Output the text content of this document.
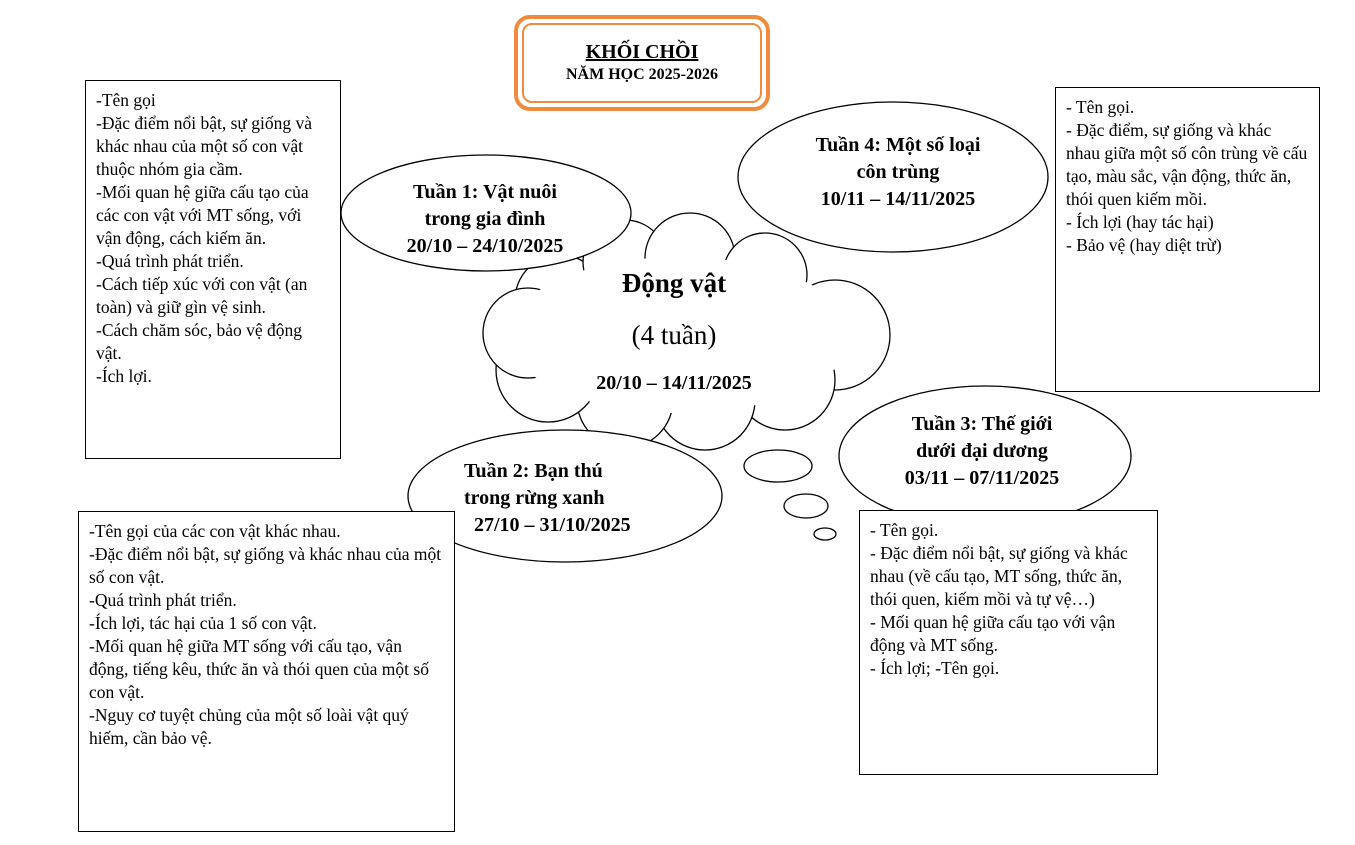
KHỐI CHỒI
NĂM HỌC 2025-2026
Động vật
(4 tuần)
20/10 – 14/11/2025
Tuần 1: Vật nuôi
trong gia đình
20/10 – 24/10/2025
Tuần 2: Bạn thú
trong rừng xanh
27/10 – 31/10/2025
Tuần 3: Thế giới
dưới đại dương
03/11 – 07/11/2025
Tuần 4: Một số loại
côn trùng
10/11 – 14/11/2025

-Tên gọi

-Đặc điểm nổi bật, sự giống và khác nhau của một số con vật thuộc nhóm gia cầm.

-Mối quan hệ giữa cấu tạo của các con vật với MT sống, với vận động, cách kiếm ăn.

-Quá trình phát triển.

-Cách tiếp xúc với con vật (an toàn) và giữ gìn vệ sinh.

-Cách chăm sóc, bảo vệ động vật.

-Ích lợi.

-Tên gọi của các con vật khác nhau.

-Đặc điểm nổi bật, sự giống và khác nhau của một số con vật.

-Quá trình phát triển.

-Ích lợi, tác hại của 1 số con vật.

-Mối quan hệ giữa MT sống với cấu tạo, vận động, tiếng kêu, thức ăn và thói quen của một số con vật.

-Nguy cơ tuyệt chủng của một số loài vật quý hiếm, cần bảo vệ.

- Tên gọi.

- Đặc điểm nổi bật, sự giống và khác nhau (về cấu tạo, MT sống, thức ăn, thói quen, kiếm mồi và tự vệ…)

- Mối quan hệ giữa cấu tạo với vận động và MT sống.

- Ích lợi; -Tên gọi.

- Tên gọi.

- Đặc điểm, sự giống và khác nhau giữa một số côn trùng về cấu tạo, màu sắc, vận động, thức ăn, thói quen kiếm mồi.

- Ích lợi (hay tác hại)

- Bảo vệ (hay diệt trừ)
